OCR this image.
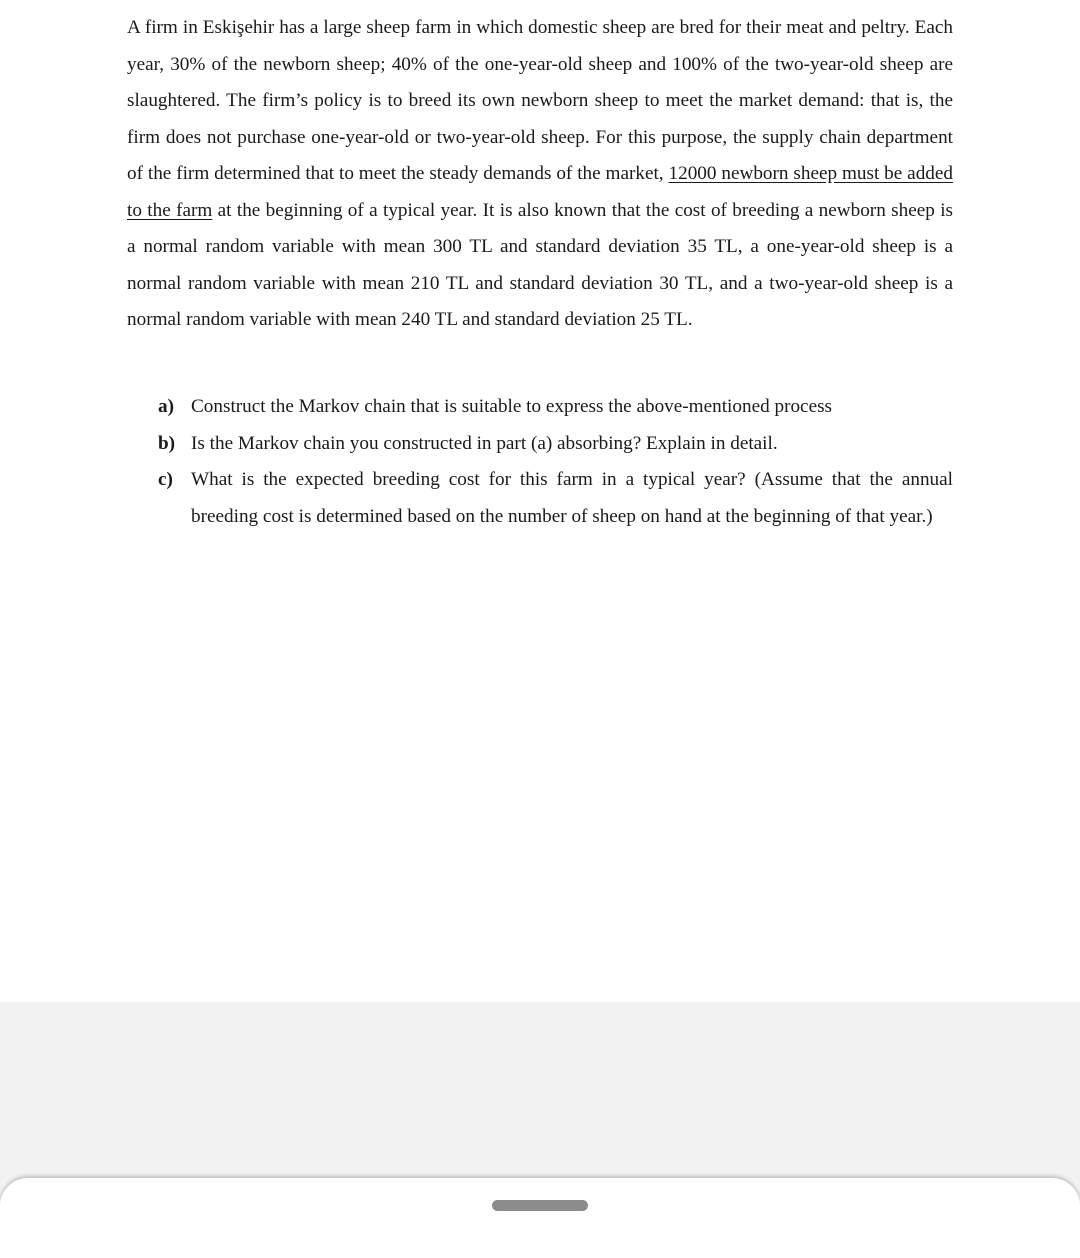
A firm in Eskişehir has a large sheep farm in which domestic sheep are bred for their meat and peltry. Each year, 30% of the newborn sheep; 40% of the one-year-old sheep and 100% of the two-year-old sheep are slaughtered. The firm’s policy is to breed its own newborn sheep to meet the market demand: that is, the firm does not purchase one-year-old or two-year-old sheep. For this purpose, the supply chain department of the firm determined that to meet the steady demands of the market, 12000 newborn sheep must be added to the farm at the beginning of a typical year. It is also known that the cost of breeding a newborn sheep is a normal random variable with mean 300 TL and standard deviation 35 TL, a one-year-old sheep is a normal random variable with mean 210 TL and standard deviation 30 TL, and a two-year-old sheep is a normal random variable with mean 240 TL and standard deviation 25 TL.

a) Construct the Markov chain that is suitable to express the above-mentioned process
b) Is the Markov chain you constructed in part (a) absorbing? Explain in detail.
c) What is the expected breeding cost for this farm in a typical year? (Assume that the annual breeding cost is determined based on the number of sheep on hand at the beginning of that year.)
